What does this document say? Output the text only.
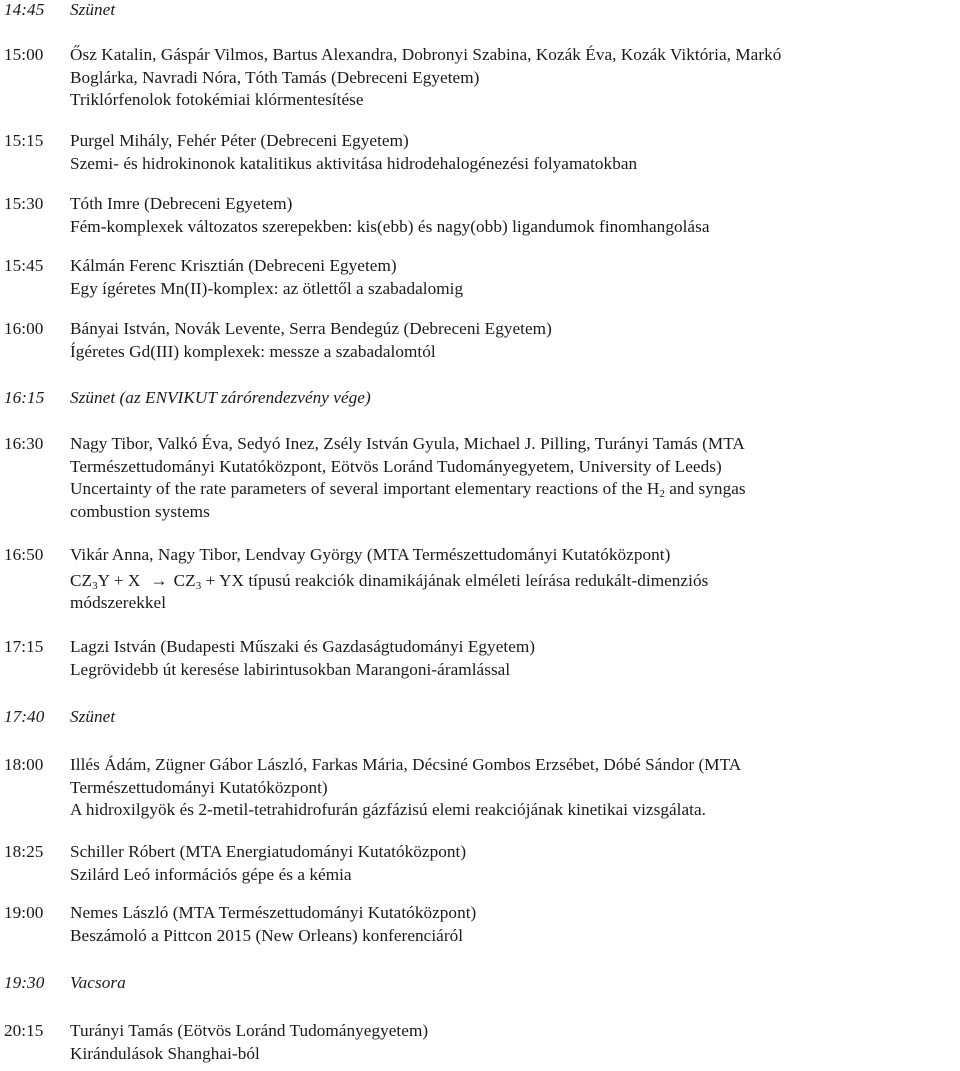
14:45	Szünet
15:00	Ősz Katalin, Gáspár Vilmos, Bartus Alexandra, Dobronyi Szabina, Kozák Éva, Kozák Viktória, Markó
Boglárka, Navradi Nóra, Tóth Tamás (Debreceni Egyetem)
Triklórfenolok fotokémiai klórmentesítése
15:15	Purgel Mihály, Fehér Péter (Debreceni Egyetem)
Szemi- és hidrokinonok katalitikus aktivitása hidrodehalogénezési folyamatokban
15:30	Tóth Imre (Debreceni Egyetem)
Fém-komplexek változatos szerepekben: kis(ebb) és nagy(obb) ligandumok finomhangolása
15:45	Kálmán Ferenc Krisztián (Debreceni Egyetem)
Egy ígéretes Mn(II)-komplex: az ötlettől a szabadalomig
16:00	Bányai István, Novák Levente, Serra Bendegúz (Debreceni Egyetem)
Ígéretes Gd(III) komplexek: messze a szabadalomtól
16:15	Szünet (az ENVIKUT zárórendezvény vége)
16:30	Nagy Tibor, Valkó Éva, Sedyó Inez, Zsély István Gyula, Michael J. Pilling, Turányi Tamás (MTA
Természettudományi Kutatóközpont, Eötvös Loránd Tudományegyetem, University of Leeds)
Uncertainty of the rate parameters of several important elementary reactions of the $H_2$ and syngas
combustion systems
16:50	Vikár Anna, Nagy Tibor, Lendvay György (MTA Természettudományi Kutatóközpont)
$CZ_3Y + X \to CZ_3$ + YX típusú reakciók dinamikájának elméleti leírása redukált-dimenziós
módszerekkel
17:15	Lagzi István (Budapesti Műszaki és Gazdaságtudományi Egyetem)
Legrövidebb út keresése labirintusokban Marangoni-áramlással
17:40	Szünet
18:00	Illés Ádám, Zügner Gábor László, Farkas Mária, Décsiné Gombos Erzsébet, Dóbé Sándor (MTA
Természettudományi Kutatóközpont)
A hidroxilgyök és 2-metil-tetrahidrofurán gázfázisú elemi reakciójának kinetikai vizsgálata.
18:25	Schiller Róbert (MTA Energiatudományi Kutatóközpont)
Szilárd Leó információs gépe és a kémia
19:00	Nemes László (MTA Természettudományi Kutatóközpont)
Beszámoló a Pittcon 2015 (New Orleans) konferenciáról
19:30	Vacsora
20:15	Turányi Tamás (Eötvös Loránd Tudományegyetem)
Kirándulások Shanghai-ból
